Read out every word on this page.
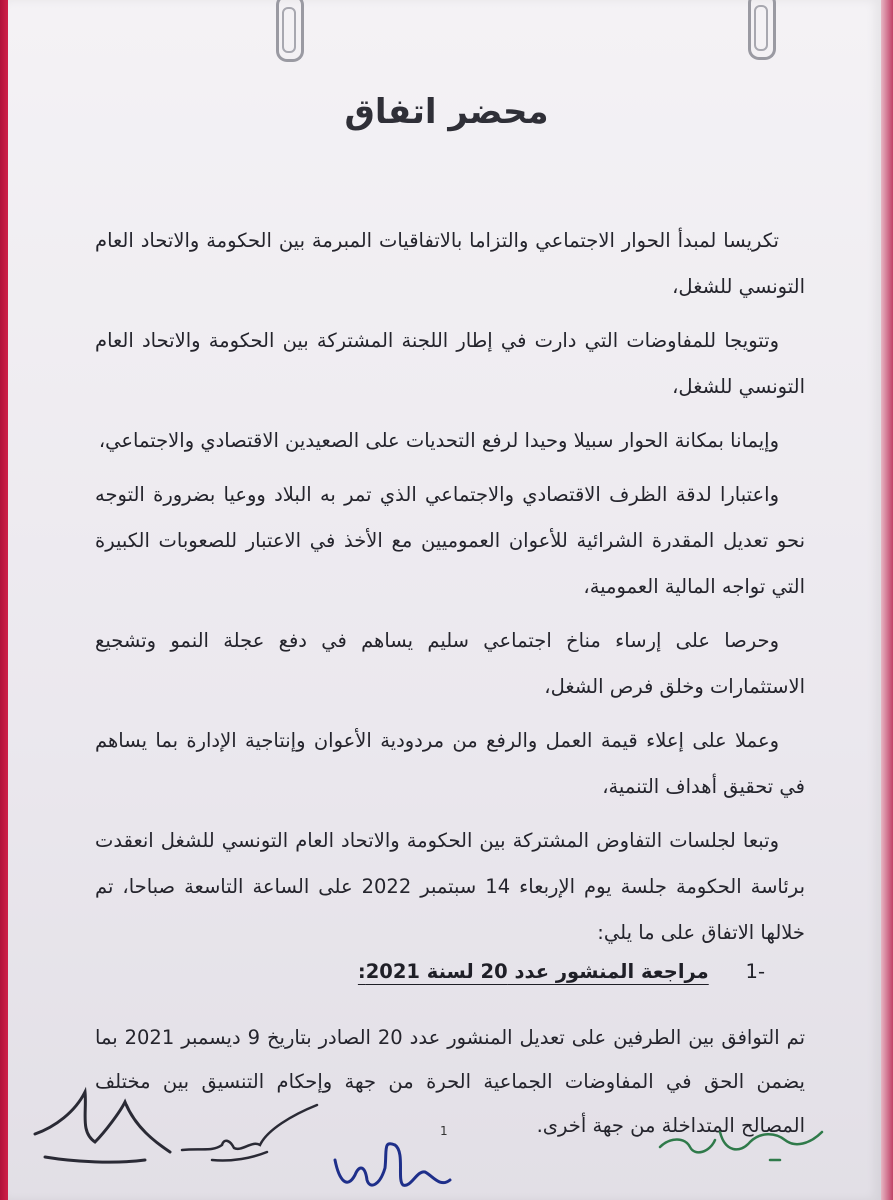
محضر اتفاق

تكريسا لمبدأ الحوار الاجتماعي والتزاما بالاتفاقيات المبرمة بين الحكومة والاتحاد العام التونسي للشغل،

وتتويجا للمفاوضات التي دارت في إطار اللجنة المشتركة بين الحكومة والاتحاد العام التونسي للشغل،

وإيمانا بمكانة الحوار سبيلا وحيدا لرفع التحديات على الصعيدين الاقتصادي والاجتماعي،

واعتبارا لدقة الظرف الاقتصادي والاجتماعي الذي تمر به البلاد ووعيا بضرورة التوجه نحو تعديل المقدرة الشرائية للأعوان العموميين مع الأخذ في الاعتبار للصعوبات الكبيرة التي تواجه المالية العمومية،

وحرصا على إرساء مناخ اجتماعي سليم يساهم في دفع عجلة النمو وتشجيع الاستثمارات وخلق فرص الشغل،

وعملا على إعلاء قيمة العمل والرفع من مردودية الأعوان وإنتاجية الإدارة بما يساهم في تحقيق أهداف التنمية،

وتبعا لجلسات التفاوض المشتركة بين الحكومة والاتحاد العام التونسي للشغل انعقدت برئاسة الحكومة جلسة يوم الإربعاء 14 سبتمبر 2022 على الساعة التاسعة صباحا، تم خلالها الاتفاق على ما يلي:

-1 مراجعة المنشور عدد 20 لسنة 2021:
تم التوافق بين الطرفين على تعديل المنشور عدد 20 الصادر بتاريخ 9 ديسمبر 2021 بما يضمن الحق في المفاوضات الجماعية الحرة من جهة وإحكام التنسيق بين مختلف المصالح المتداخلة من جهة أخرى.
1
